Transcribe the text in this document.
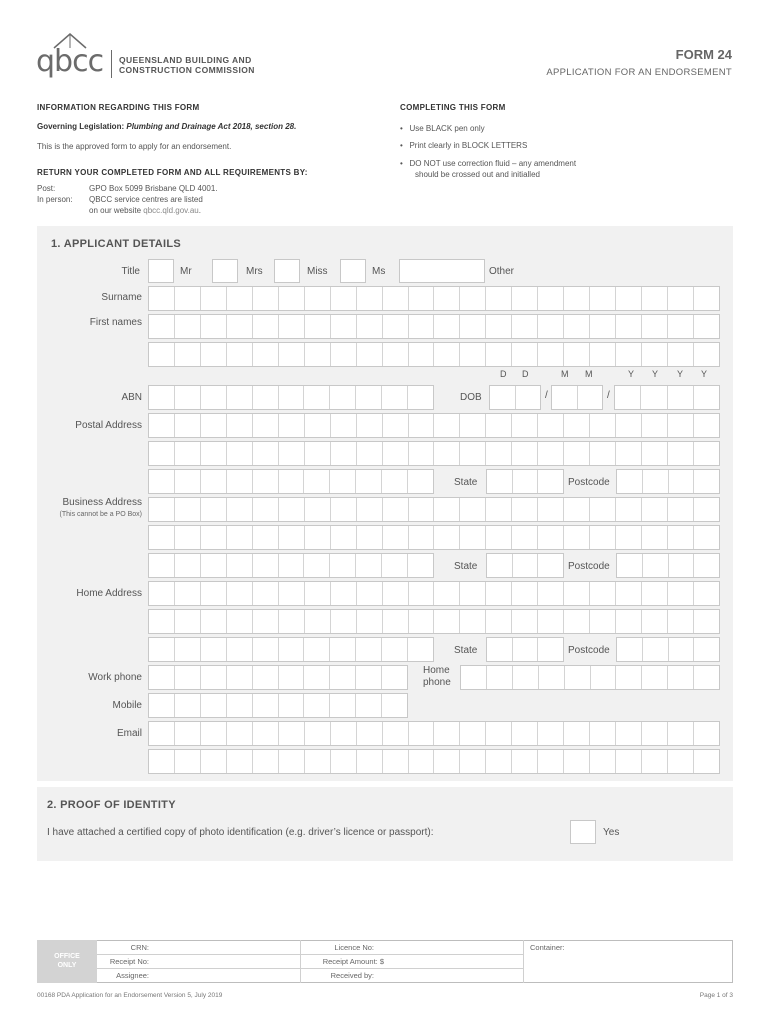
qbcc QUEENSLAND BUILDING AND
CONSTRUCTION COMMISSION
FORM 24
APPLICATION FOR AN ENDORSEMENT
INFORMATION REGARDING THIS FORM
Governing Legislation: Plumbing and Drainage Act 2018, section 28.
This is the approved form to apply for an endorsement.
RETURN YOUR COMPLETED FORM AND ALL REQUIREMENTS BY:
Post:	GPO Box 5099 Brisbane QLD 4001.
In person: QBCC service centres are listed
on our website qbcc.qld.gov.au.
COMPLETING THIS FORM
•   Use BLACK pen only
•   Print clearly in BLOCK LETTERS
•   DO NOT use correction fluid – any amendment
should be crossed out and initialled
1. APPLICANT DETAILS
Title	Mr	Mrs	Miss	Ms	Other
Surname
First names
D D	M M	Y Y Y Y
ABN	DOB	/	/
Postal Address
State	Postcode
Business Address
(This cannot be a PO Box)
State	Postcode
Home Address
State	Postcode
Work phone
Home
phone
Mobile
Email
2. PROOF OF IDENTITY
I have attached a certified copy of photo identification (e.g. driver’s licence or passport):	Yes
OFFICE
ONLY
CRN:
Receipt No:
Assignee:
Licence No:
Receipt Amount: $
Received by:
Container:
00168 PDA Application for an Endorsement Version 5, July 2019	Page 1 of 3
